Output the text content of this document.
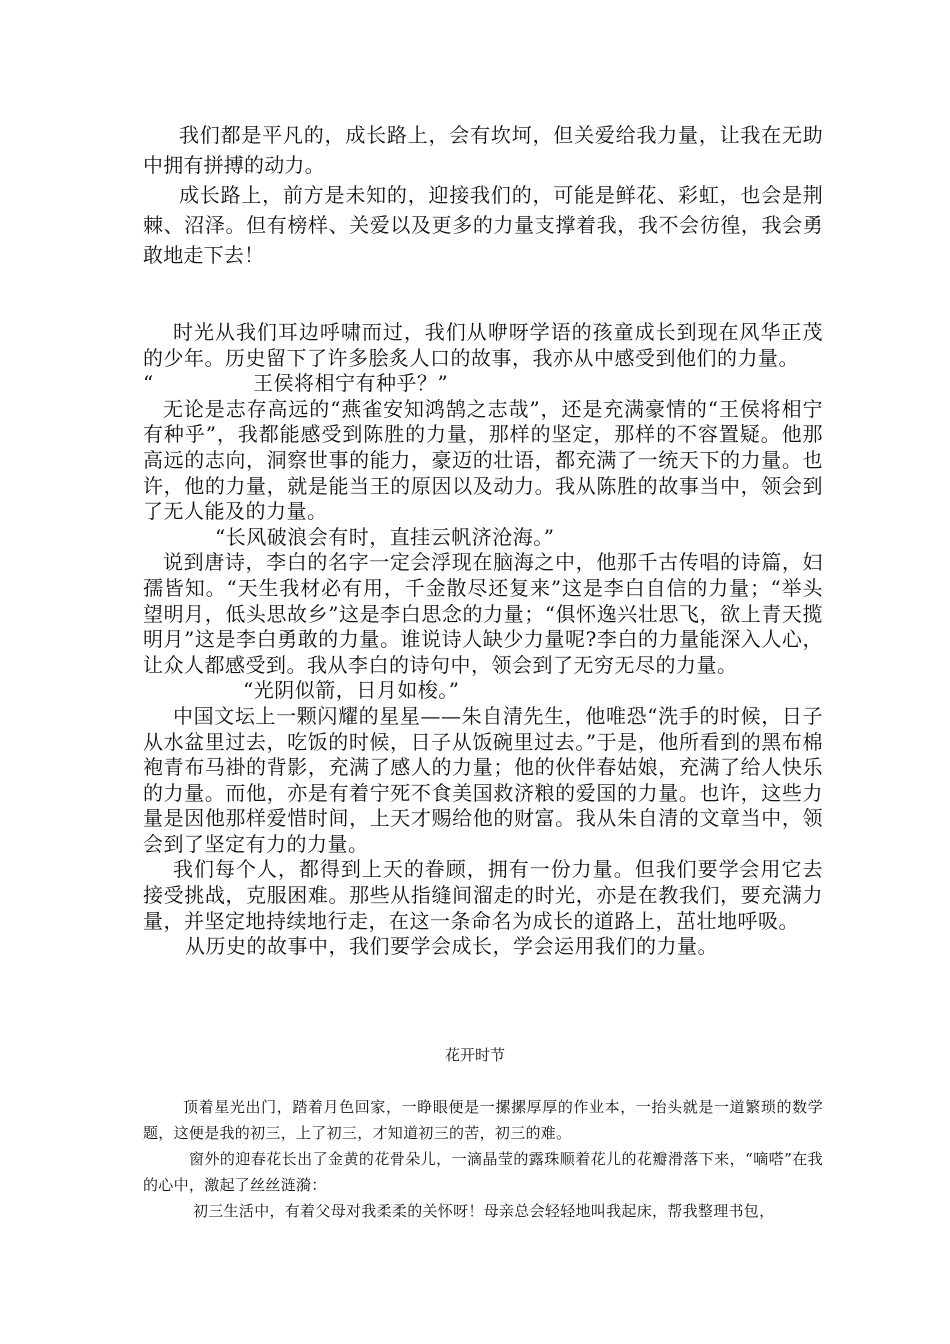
我们都是平凡的，成长路上，会有坎坷，但关爱给我力量，让我在无助中拥有拼搏的动力。

成长路上，前方是未知的，迎接我们的，可能是鲜花、彩虹，也会是荆棘、沼泽。但有榜样、关爱以及更多的力量支撑着我，我不会彷徨，我会勇敢地走下去！

时光从我们耳边呼啸而过，我们从咿呀学语的孩童成长到现在风华正茂的少年。历史留下了许多脍炙人口的故事，我亦从中感受到他们的力量。

“	王侯将相宁有种乎？”

无论是志存高远的“燕雀安知鸿鹄之志哉”，还是充满豪情的“王侯将相宁有种乎”，我都能感受到陈胜的力量，那样的坚定，那样的不容置疑。他那高远的志向，洞察世事的能力，豪迈的壮语，都充满了一统天下的力量。也许，他的力量，就是能当王的原因以及动力。我从陈胜的故事当中，领会到了无人能及的力量。

“长风破浪会有时，直挂云帆济沧海。”

说到唐诗，李白的名字一定会浮现在脑海之中，他那千古传唱的诗篇，妇孺皆知。“天生我材必有用，千金散尽还复来”这是李白自信的力量；“举头望明月，低头思故乡”这是李白思念的力量；“俱怀逸兴壮思飞，欲上青天揽明月”这是李白勇敢的力量。谁说诗人缺少力量呢?李白的力量能深入人心，让众人都感受到。我从李白的诗句中，领会到了无穷无尽的力量。

“光阴似箭，日月如梭。”

中国文坛上一颗闪耀的星星——朱自清先生，他唯恐“洗手的时候，日子从水盆里过去，吃饭的时候，日子从饭碗里过去。”于是，他所看到的黑布棉袍青布马褂的背影，充满了感人的力量；他的伙伴春姑娘，充满了给人快乐的力量。而他，亦是有着宁死不食美国救济粮的爱国的力量。也许，这些力量是因他那样爱惜时间，上天才赐给他的财富。我从朱自清的文章当中，领会到了坚定有力的力量。

我们每个人，都得到上天的眷顾，拥有一份力量。但我们要学会用它去接受挑战，克服困难。那些从指缝间溜走的时光，亦是在教我们，要充满力量，并坚定地持续地行走，在这一条命名为成长的道路上，茁壮地呼吸。

从历史的故事中，我们要学会成长，学会运用我们的力量。

花开时节

顶着星光出门，踏着月色回家，一睁眼便是一摞摞厚厚的作业本，一抬头就是一道繁琐的数学题，这便是我的初三，上了初三，才知道初三的苦，初三的难。

窗外的迎春花长出了金黄的花骨朵儿，一滴晶莹的露珠顺着花儿的花瓣滑落下来，“嘀嗒”在我的心中，激起了丝丝涟漪：

初三生活中，有着父母对我柔柔的关怀呀！母亲总会轻轻地叫我起床，帮我整理书包，
